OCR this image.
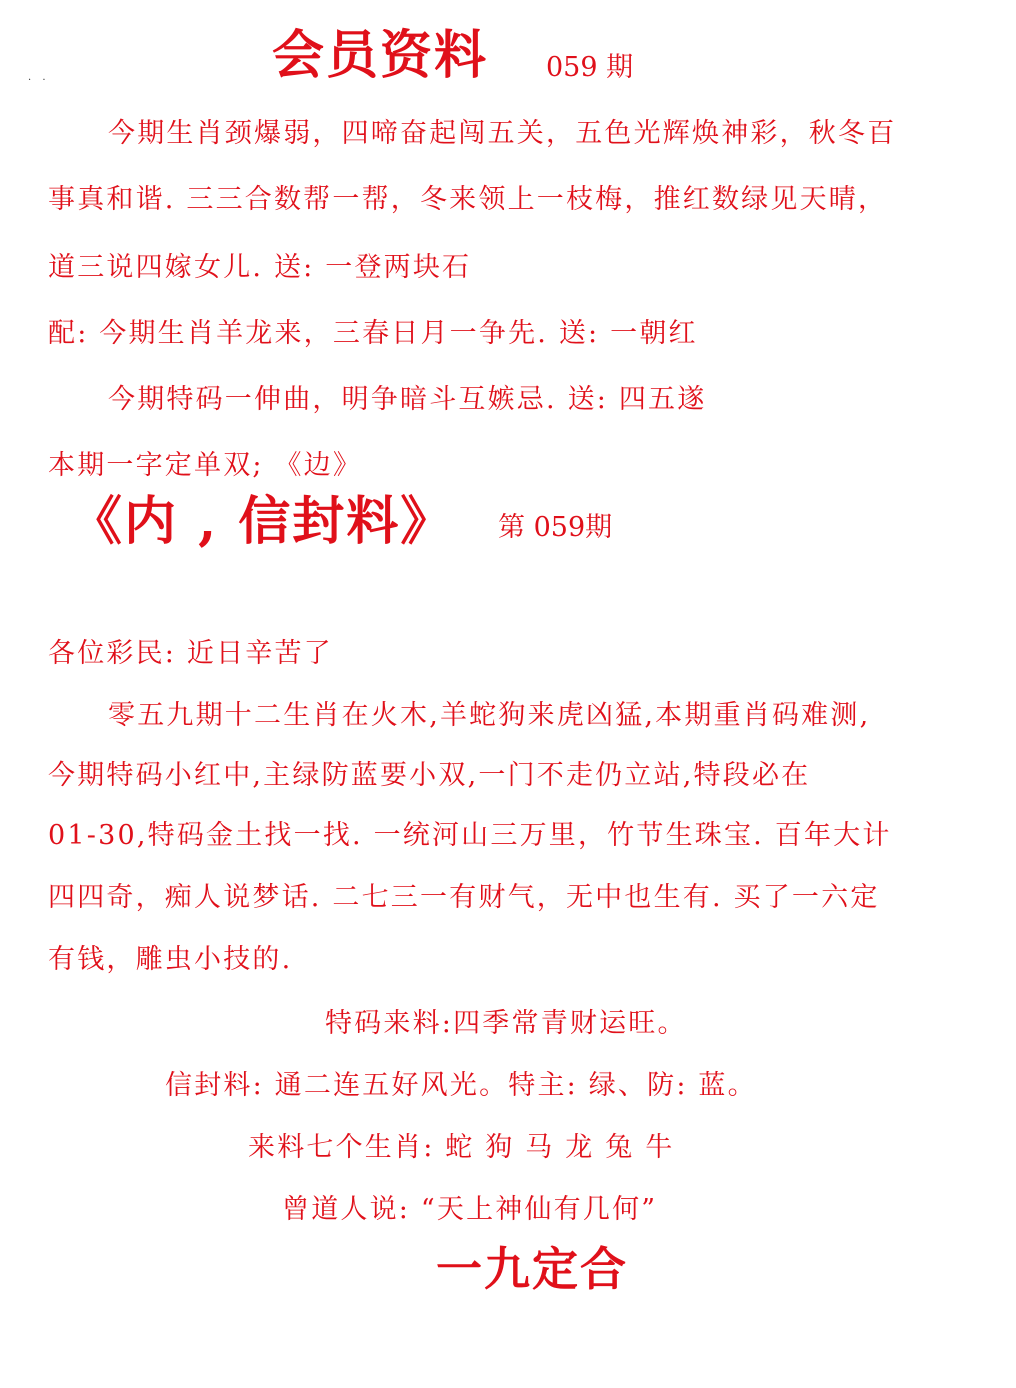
. .	会员资料 059 期

今期生肖颈爆弱，四啼奋起闯五关，五色光辉焕神彩，秋冬百

事真和谐. 三三合数帮一帮，冬来领上一枝梅，推红数绿见天晴，

道三说四嫁女儿. 送: 一登两块石

配: 今期生肖羊龙来，三春日月一争先. 送: 一朝红

今期特码一伸曲，明争暗斗互嫉忌. 送: 四五遂

本期一字定单双; 《边》

《内 , 信封料》 第 059期

各位彩民: 近日辛苦了

零五九期十二生肖在火木,羊蛇狗来虎凶猛,本期重肖码难测,

今期特码小红中,主绿防蓝要小双,一门不走仍立站,特段必在

01-30,特码金土找一找. 一统河山三万里，竹节生珠宝. 百年大计

四四奇，痴人说梦话. 二七三一有财气，无中也生有. 买了一六定

有钱，雕虫小技的.

特码来料:四季常青财运旺。

信封料: 通二连五好风光。特主: 绿、防: 蓝。

来料七个生肖: 蛇 狗 马 龙 兔 牛

曾道人说: “天上神仙有几何”

一九定合
